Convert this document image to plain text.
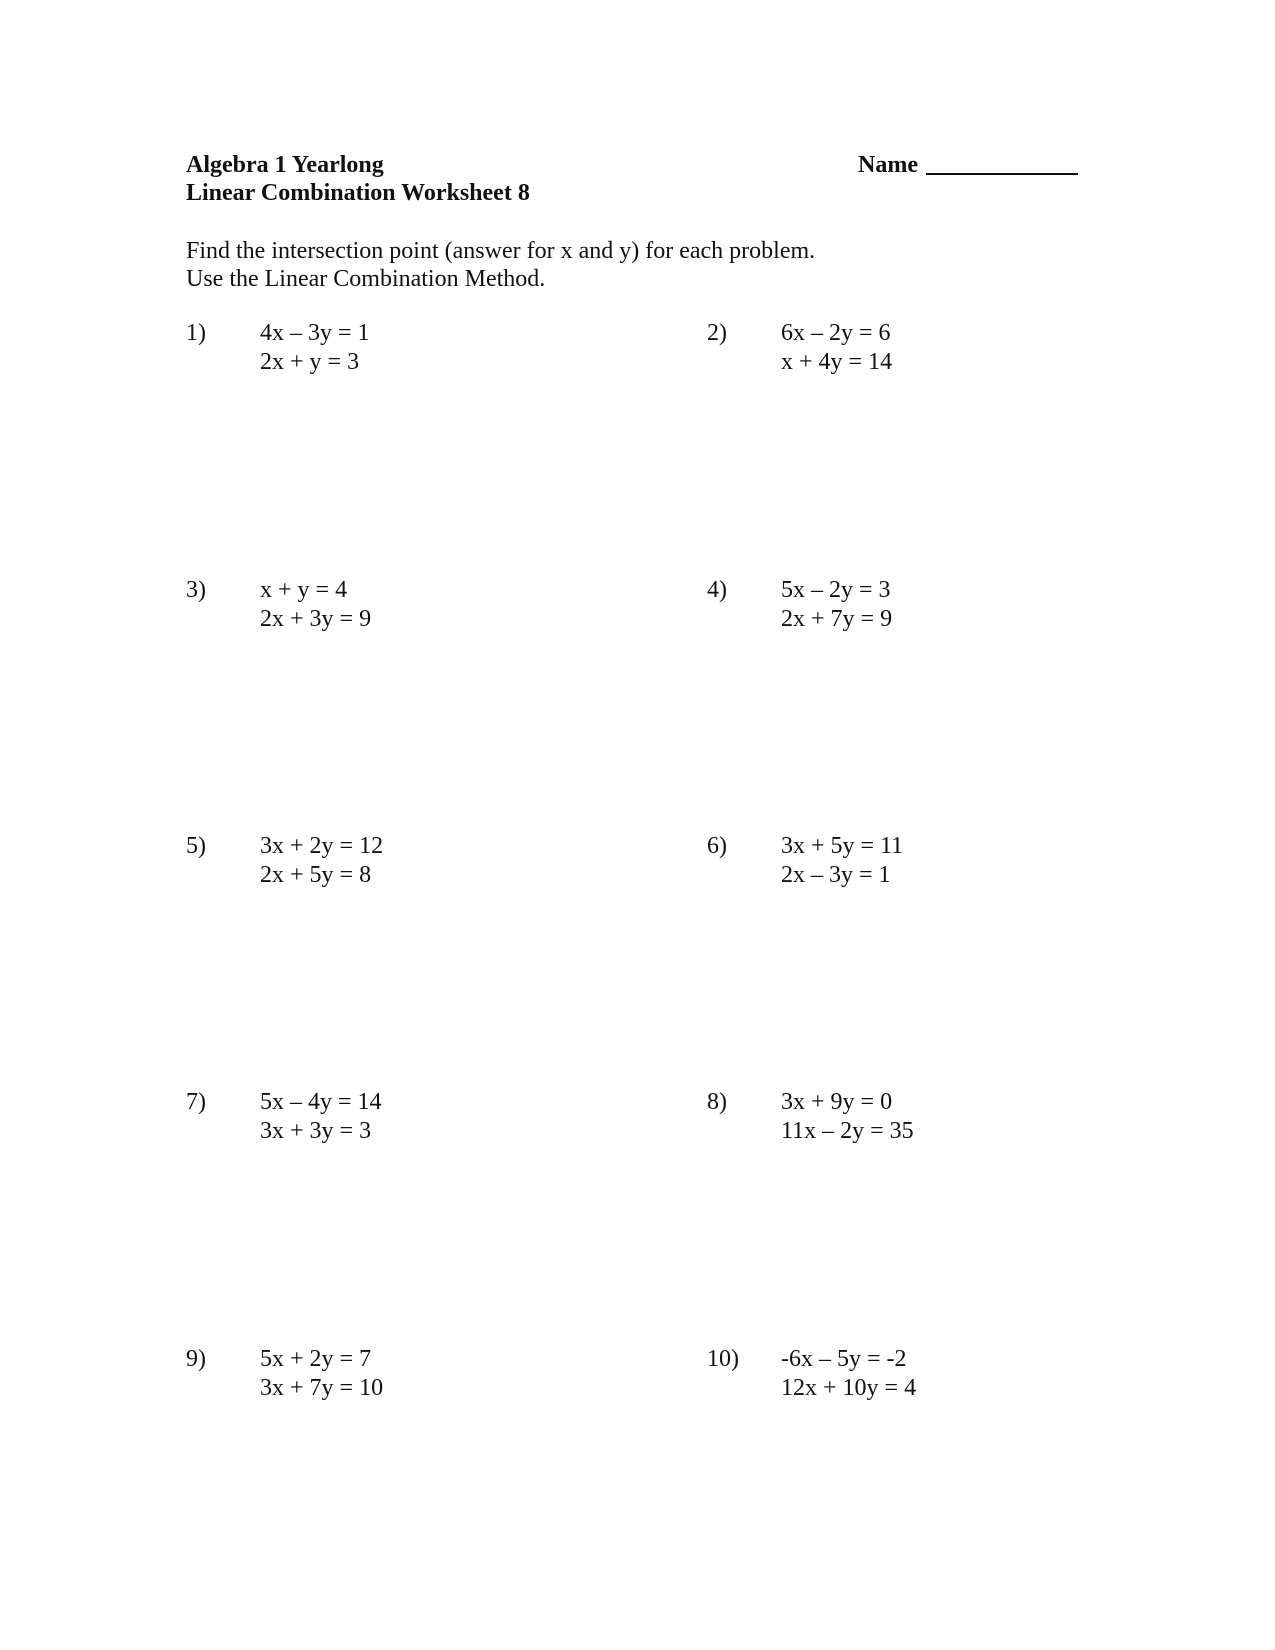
Algebra 1 Yearlong
Linear Combination Worksheet 8
Name
Find the intersection point (answer for x and y) for each problem.
Use the Linear Combination Method.
1) 4x – 3y = 1
2x + y = 3
2) 6x – 2y = 6
x + 4y = 14
3) x + y = 4
2x + 3y = 9
4) 5x – 2y = 3
2x + 7y = 9
5) 3x + 2y = 12
2x + 5y = 8
6) 3x + 5y = 11
2x – 3y = 1
7) 5x – 4y = 14
3x + 3y = 3
8) 3x + 9y = 0
11x – 2y = 35
9) 5x + 2y = 7
3x + 7y = 10
10) -6x – 5y = -2
12x + 10y = 4
